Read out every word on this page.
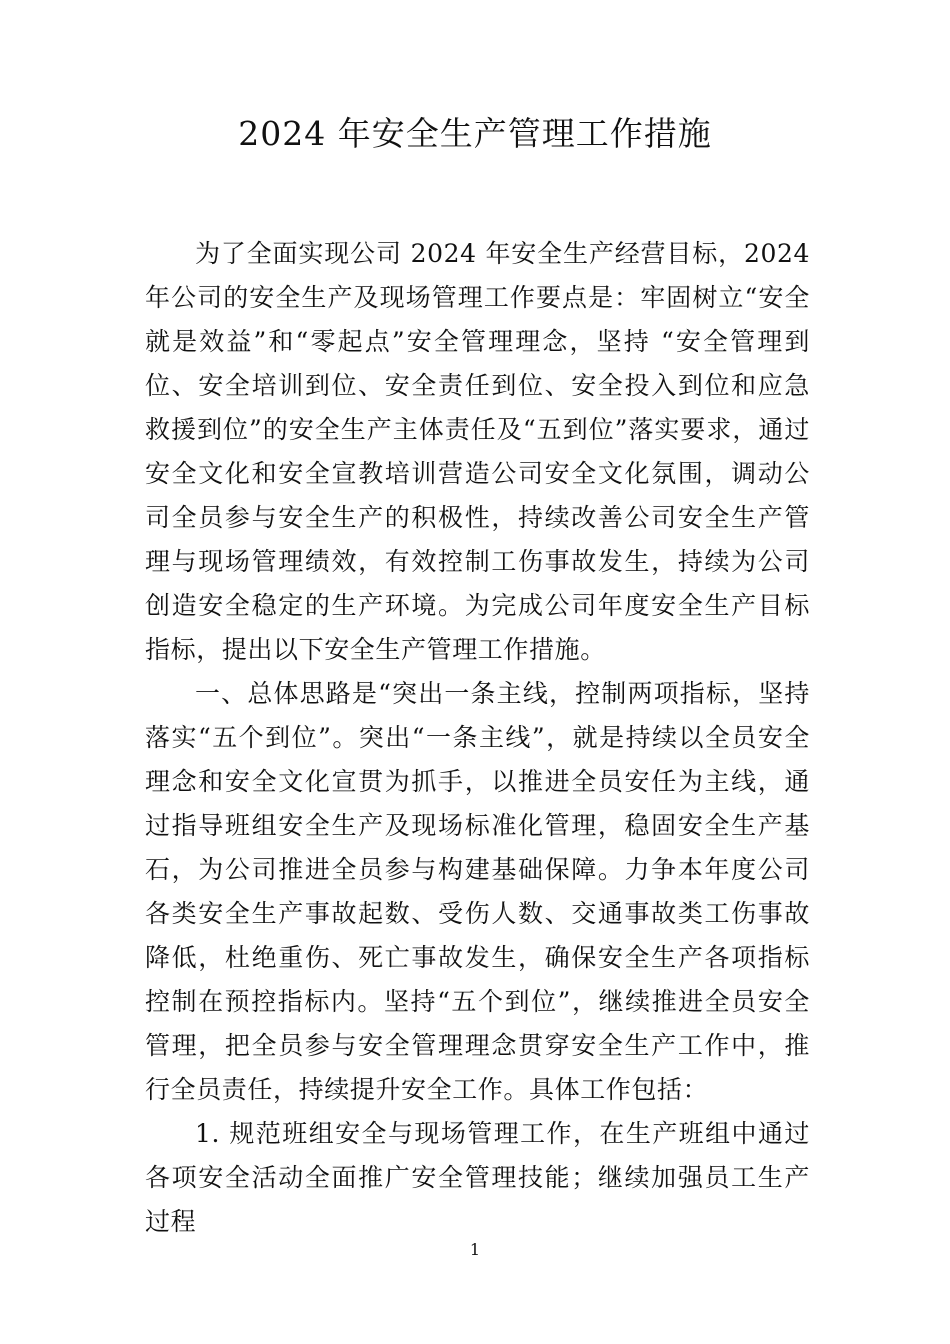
2024 年安全生产管理工作措施

为了全面实现公司 2024 年安全生产经营目标，2024 年公司的安全生产及现场管理工作要点是：牢固树立“安全就是效益”和“零起点”安全管理理念，坚持 “安全管理到位、安全培训到位、安全责任到位、安全投入到位和应急救援到位”的安全生产主体责任及“五到位”落实要求，通过安全文化和安全宣教培训营造公司安全文化氛围，调动公司全员参与安全生产的积极性，持续改善公司安全生产管理与现场管理绩效，有效控制工伤事故发生，持续为公司创造安全稳定的生产环境。为完成公司年度安全生产目标指标，提出以下安全生产管理工作措施。

一、总体思路是“突出一条主线，控制两项指标，坚持落实“五个到位”。突出“一条主线”，就是持续以全员安全理念和安全文化宣贯为抓手，以推进全员安任为主线，通过指导班组安全生产及现场标准化管理，稳固安全生产基石，为公司推进全员参与构建基础保障。力争本年度公司各类安全生产事故起数、受伤人数、交通事故类工伤事故降低，杜绝重伤、死亡事故发生，确保安全生产各项指标控制在预控指标内。坚持“五个到位”，继续推进全员安全管理，把全员参与安全管理理念贯穿安全生产工作中，推行全员责任，持续提升安全工作。具体工作包括：

1. 规范班组安全与现场管理工作，在生产班组中通过各项安全活动全面推广安全管理技能；继续加强员工生产过程

1
